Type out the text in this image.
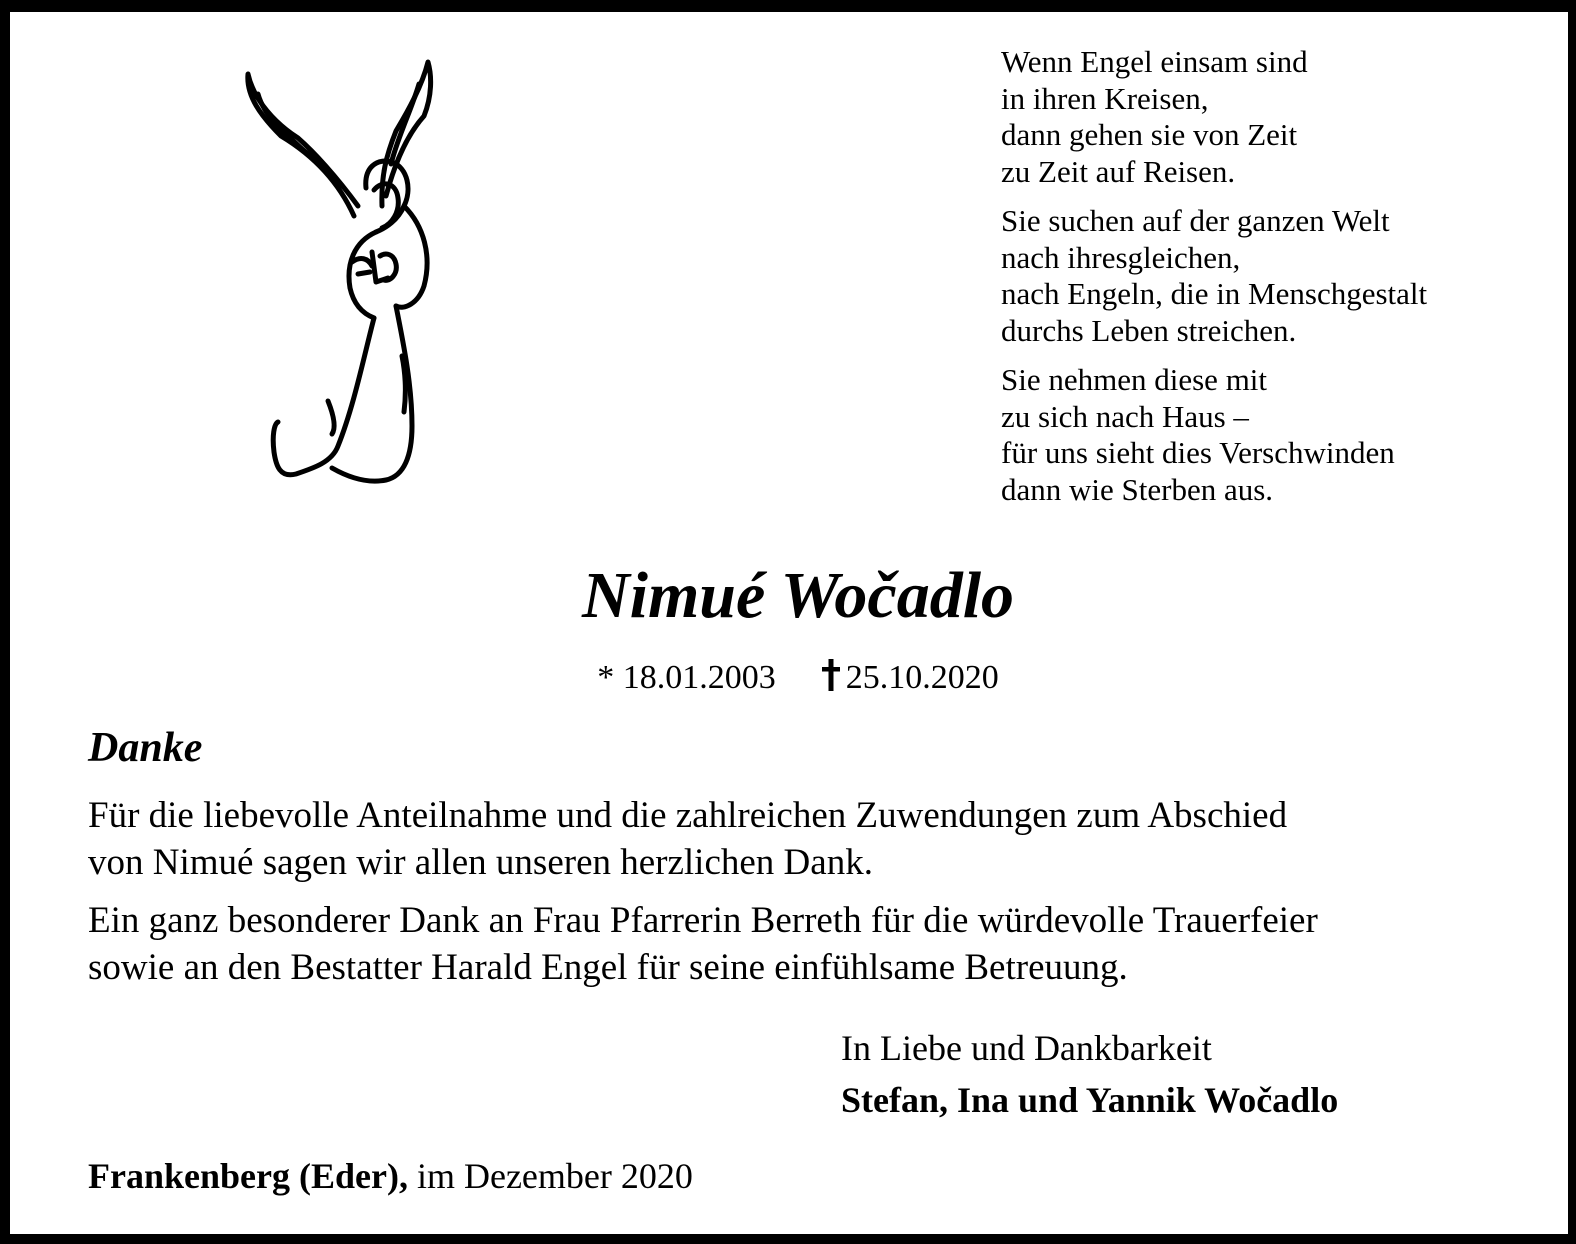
Wenn Engel einsam sind
in ihren Kreisen,
dann gehen sie von Zeit
zu Zeit auf Reisen.
Sie suchen auf der ganzen Welt
nach ihresgleichen,
nach Engeln, die in Menschgestalt
durchs Leben streichen.
Sie nehmen diese mit
zu sich nach Haus –
für uns sieht dies Verschwinden
dann wie Sterben aus.
Nimué Wočadlo
* 18.01.2003 25.10.2020
Danke
Für die liebevolle Anteilnahme und die zahlreichen Zuwendungen zum Abschied
von Nimué sagen wir allen unseren herzlichen Dank.
Ein ganz besonderer Dank an Frau Pfarrerin Berreth für die würdevolle Trauerfeier
sowie an den Bestatter Harald Engel für seine einfühlsame Betreuung.
In Liebe und Dankbarkeit
Stefan, Ina und Yannik Wočadlo
Frankenberg (Eder), im Dezember 2020
